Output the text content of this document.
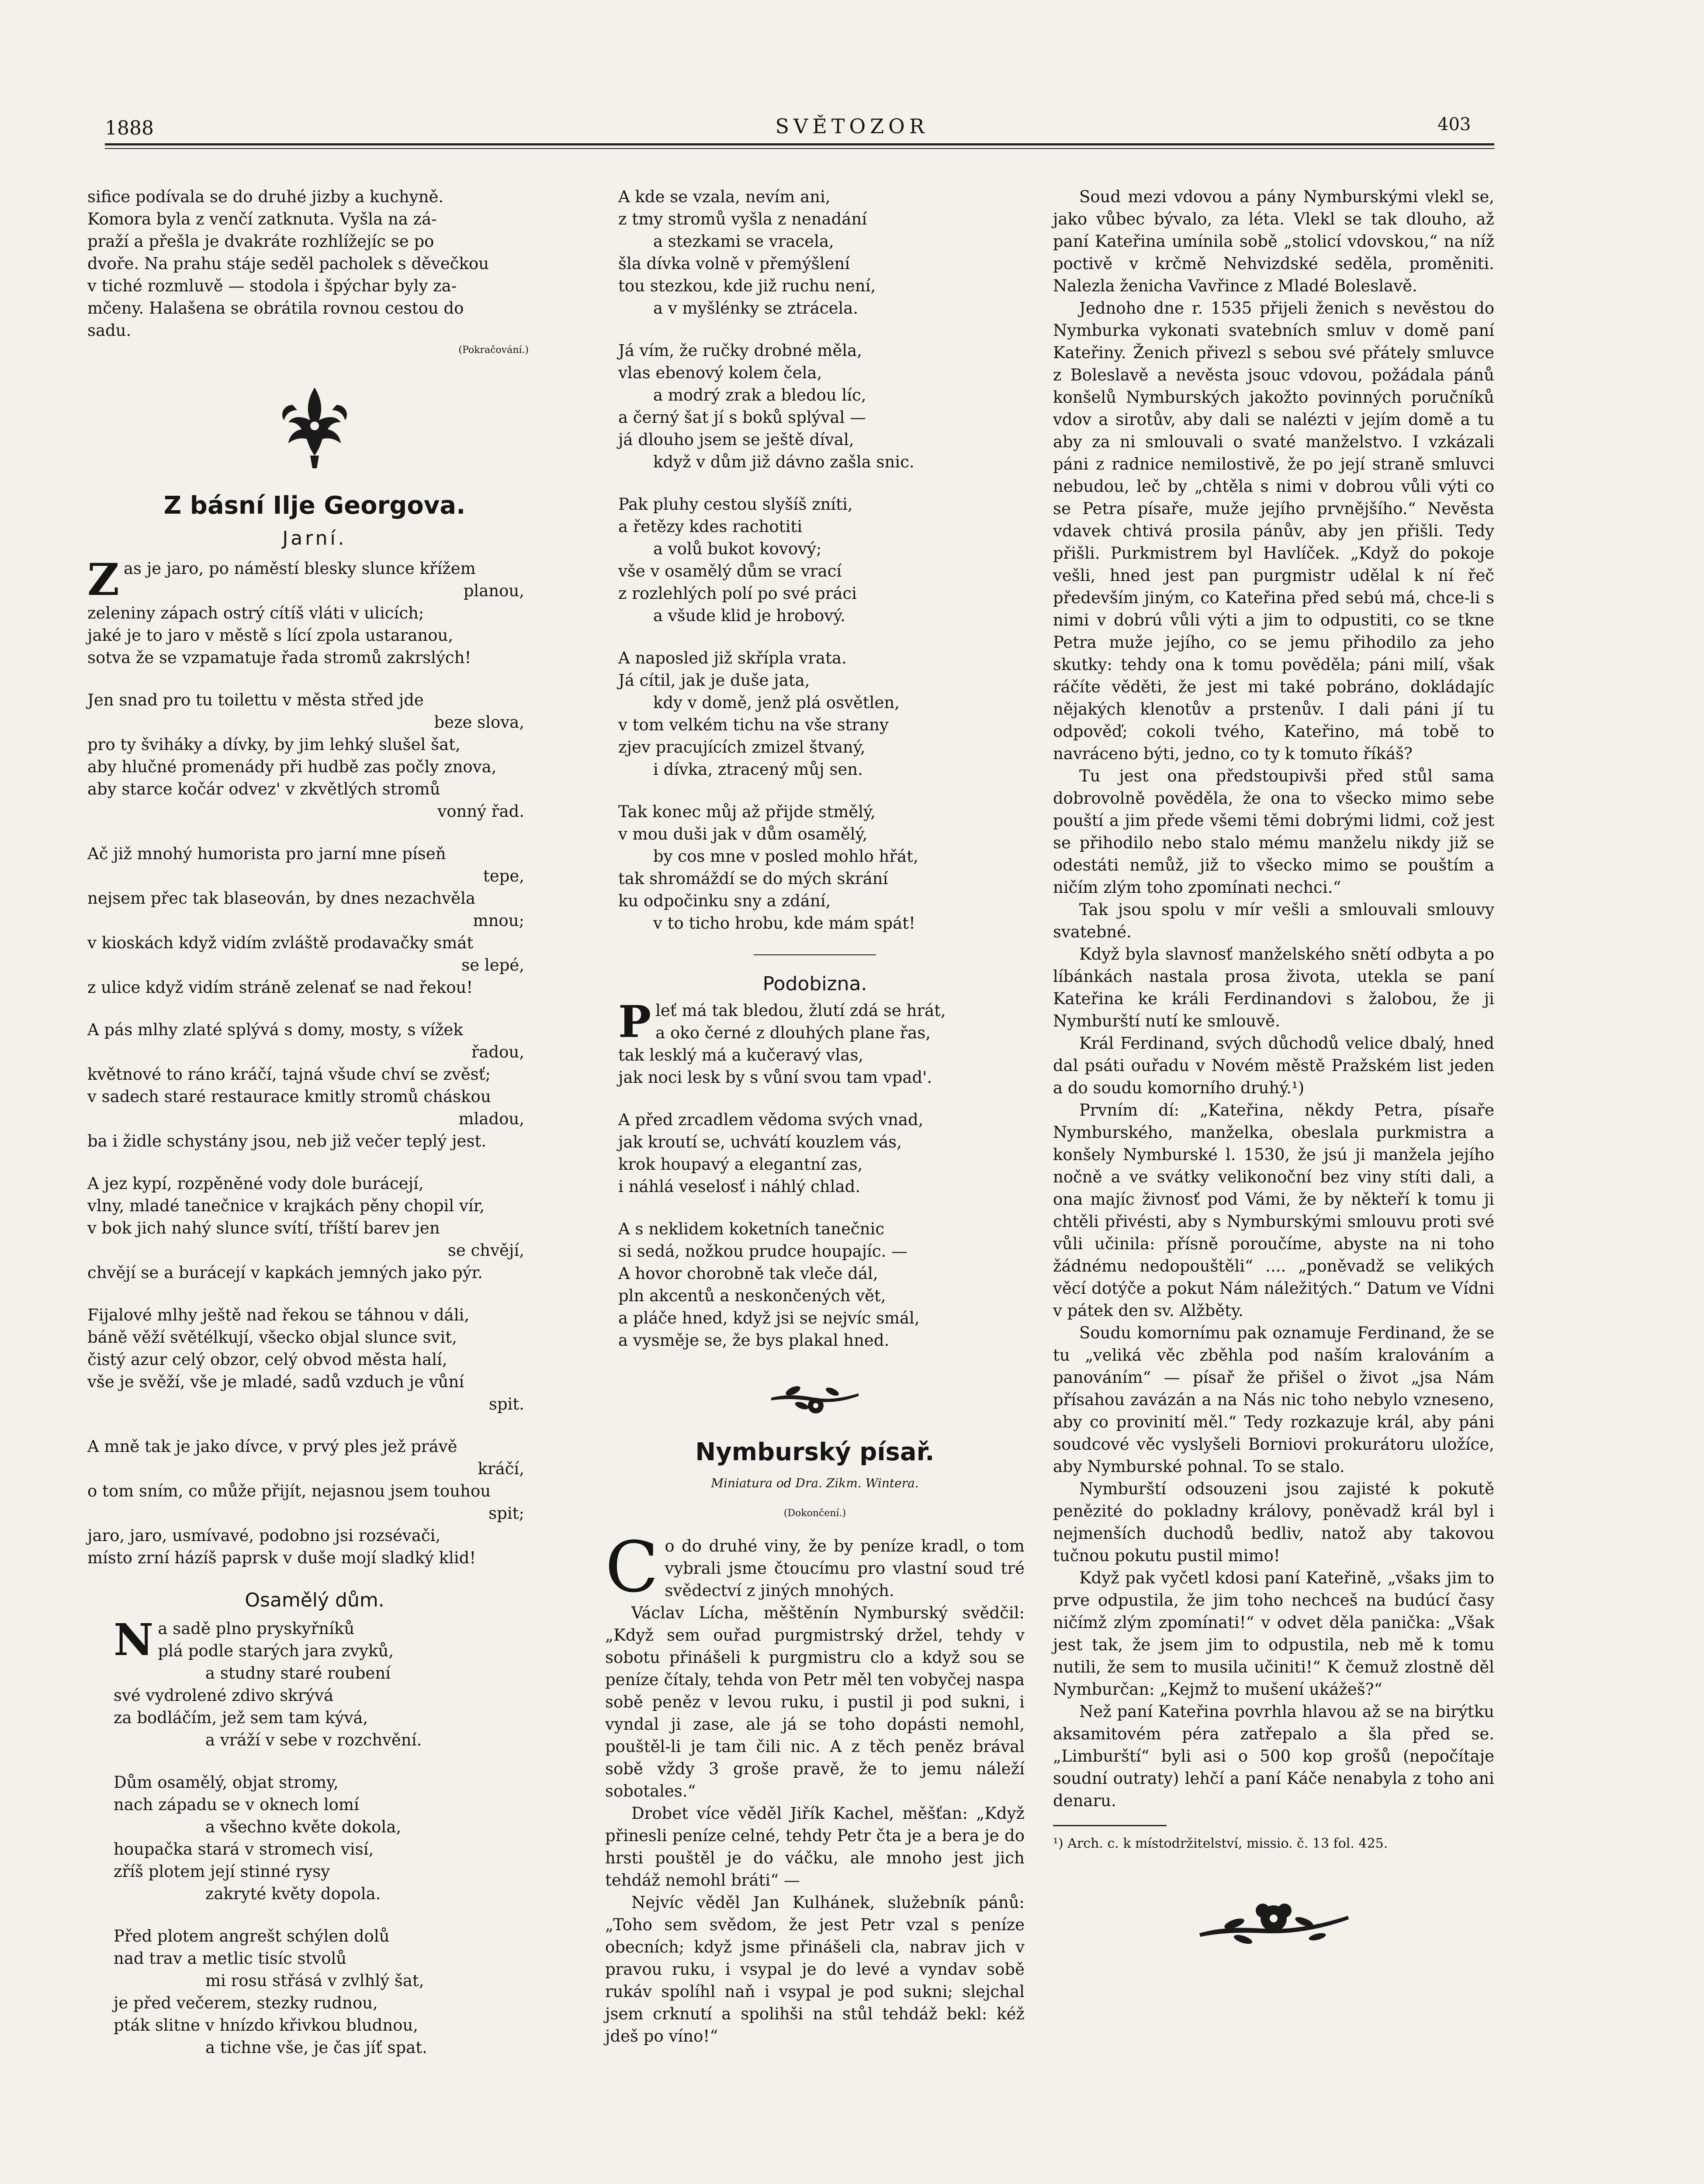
1888	SVĚTOZOR	403
sifice podívala se do druhé jizby a kuchyně.
Komora byla z venčí zatknuta. Vyšla na zá-
praží a přešla je dvakráte rozhlížejíc se po
dvoře. Na prahu stáje seděl pacholek s děvečkou
v tiché rozmluvě — stodola i špýchar byly za-
mčeny. Halašena se obrátila rovnou cestou do
sadu.
(Pokračování.)
Z básní Ilje Georgova.
Jarní.
Zas je jaro, po náměstí blesky slunce křížem
planou,
zeleniny zápach ostrý cítíš vláti v ulicích;
jaké je to jaro v městě s lící zpola ustaranou,
sotva že se vzpamatuje řada stromů zakrslých!
Jen snad pro tu toilettu v města střed jde
beze slova,
pro ty šviháky a dívky, by jim lehký slušel šat,
aby hlučné promenády při hudbě zas počly znova,
aby starce kočár odvez' v zkvětlých stromů
vonný řad.
Ač již mnohý humorista pro jarní mne píseň
tepe,
nejsem přec tak blaseován, by dnes nezachvěla
mnou;
v kioskách když vidím zvláště prodavačky smát
se lepé,
z ulice když vidím stráně zelenať se nad řekou!
A pás mlhy zlaté splývá s domy, mosty, s vížek
řadou,
květnové to ráno kráčí, tajná všude chví se zvěsť;
v sadech staré restaurace kmitly stromů cháskou
mladou,
ba i židle schystány jsou, neb již večer teplý jest.
A jez kypí, rozpěněné vody dole burácejí,
vlny, mladé tanečnice v krajkách pěny chopil vír,
v bok jich nahý slunce svítí, tříští barev jen
se chvějí,
chvějí se a burácejí v kapkách jemných jako pýr.
Fijalové mlhy ještě nad řekou se táhnou v dáli,
báně věží světélkují, všecko objal slunce svit,
čistý azur celý obzor, celý obvod města halí,
vše je svěží, vše je mladé, sadů vzduch je vůní
spit.
A mně tak je jako dívce, v prvý ples jež právě
kráčí,
o tom sním, co může přijít, nejasnou jsem touhou
spit;
jaro, jaro, usmívavé, podobno jsi rozsévači,
místo zrní házíš paprsk v duše mojí sladký klid!
Osamělý dům.
Na sadě plno pryskyřníků
plá podle starých jara zvyků,
a studny staré roubení
své vydrolené zdivo skrývá
za bodláčím, jež sem tam kývá,
a vráží v sebe v rozchvění.
Dům osamělý, objat stromy,
nach západu se v oknech lomí
a všechno květe dokola,
houpačka stará v stromech visí,
zříš plotem její stinné rysy
zakryté květy dopola.
Před plotem angrešt schýlen dolů
nad trav a metlic tisíc stvolů
mi rosu střásá v zvlhlý šat,
je před večerem, stezky rudnou,
pták slitne v hnízdo křivkou bludnou,
a tichne vše, je čas jíť spat.
A kde se vzala, nevím ani,
z tmy stromů vyšla z nenadání
a stezkami se vracela,
šla dívka volně v přemýšlení
tou stezkou, kde již ruchu není,
a v myšlénky se ztrácela.
Já vím, že ručky drobné měla,
vlas ebenový kolem čela,
a modrý zrak a bledou líc,
a černý šat jí s boků splýval —
já dlouho jsem se ještě díval,
když v dům již dávno zašla snic.
Pak pluhy cestou slyšíš zníti,
a řetězy kdes rachotiti
a volů bukot kovový;
vše v osamělý dům se vrací
z rozlehlých polí po své práci
a všude klid je hrobový.
A naposled již skřípla vrata.
Já cítil, jak je duše jata,
kdy v domě, jenž plá osvětlen,
v tom velkém tichu na vše strany
zjev pracujících zmizel štvaný,
i dívka, ztracený můj sen.
Tak konec můj až přijde stmělý,
v mou duši jak v dům osamělý,
by cos mne v posled mohlo hřát,
tak shromáždí se do mých skrání
ku odpočinku sny a zdání,
v to ticho hrobu, kde mám spát!
Podobizna.
Pleť má tak bledou, žlutí zdá se hrát,
a oko černé z dlouhých plane řas,
tak lesklý má a kučeravý vlas,
jak noci lesk by s vůní svou tam vpad'.
A před zrcadlem vědoma svých vnad,
jak kroutí se, uchvátí kouzlem vás,
krok houpavý a elegantní zas,
i náhlá veselosť i náhlý chlad.
A s neklidem koketních tanečnic
si sedá, nožkou prudce houpajíc. —
A hovor chorobně tak vleče dál,
pln akcentů a neskončených vět,
a pláče hned, když jsi se nejvíc smál,
a vysměje se, že bys plakal hned.
Nymburský písař.
Miniatura od Dra. Zikm. Wintera.
(Dokončení.)

Co do druhé viny, že by peníze kradl, o tom vybrali jsme čtoucímu pro vlastní soud tré svědectví z jiných mnohých.

Václav Lícha, měštěnín Nymburský svědčil: „Když sem ouřad purgmistrský držel, tehdy v sobotu přinášeli k purgmistru clo a když sou se peníze čítaly, tehda von Petr měl ten vobyčej naspa sobě peněz v levou ruku, i pustil ji pod sukni, i vyndal ji zase, ale já se toho dopásti nemohl, pouštěl-li je tam čili nic. A z těch peněz brával sobě vždy 3 groše pravě, že to jemu náleží sobotales.“

Drobet více věděl Jiřík Kachel, měšťan: „Když přinesli peníze celné, tehdy Petr čta je a bera je do hrsti pouštěl je do váčku, ale mnoho jest jich tehdáž nemohl bráti“ —

Nejvíc věděl Jan Kulhánek, služebník pánů: „Toho sem svědom, že jest Petr vzal s peníze obecních; když jsme přinášeli cla, nabrav jich v pravou ruku, i vsypal je do levé a vyndav sobě rukáv spolíhl naň i vsypal je pod sukni; slejchal jsem crknutí a spolihši na stůl tehdáž bekl: kéž jdeš po víno!“

Soud mezi vdovou a pány Nymburskými vlekl se, jako vůbec bývalo, za léta. Vlekl se tak dlouho, až paní Kateřina umínila sobě „stolicí vdovskou,“ na níž poctivě v krčmě Nehvizdské seděla, proměniti. Nalezla ženicha Vavřince z Mladé Boleslavě.

Jednoho dne r. 1535 přijeli ženich s nevěstou do Nymburka vykonati svatebních smluv v domě paní Kateřiny. Ženich přivezl s sebou své přátely smluvce z Boleslavě a nevěsta jsouc vdovou, požádala pánů konšelů Nymburských jakožto povinných poručníků vdov a sirotův, aby dali se nalézti v jejím domě a tu aby za ni smlouvali o svaté manželstvo. I vzkázali páni z radnice nemilostivě, že po její straně smluvci nebudou, leč by „chtěla s nimi v dobrou vůli výti co se Petra písaře, muže jejího prvnějšího.“ Nevěsta vdavek chtivá prosila pánův, aby jen přišli. Tedy přišli. Purkmistrem byl Havlíček. „Když do pokoje vešli, hned jest pan purgmistr udělal k ní řeč především jiným, co Kateřina před sebú má, chce-li s nimi v dobrú vůli výti a jim to odpustiti, co se tkne Petra muže jejího, co se jemu přihodilo za jeho skutky: tehdy ona k tomu pověděla; páni milí, však ráčíte věděti, že jest mi také pobráno, dokládajíc nějakých klenotův a prstenův. I dali páni jí tu odpověď; cokoli tvého, Kateřino, má tobě to navráceno býti, jedno, co ty k tomuto říkáš?

Tu jest ona předstoupivši před stůl sama dobrovolně pověděla, že ona to všecko mimo sebe pouští a jim přede všemi těmi dobrými lidmi, což jest se přihodilo nebo stalo mému manželu nikdy již se odestáti nemůž, již to všecko mimo se pouštím a ničím zlým toho zpomínati nechci.“

Tak jsou spolu v mír vešli a smlouvali smlouvy svatebné.

Když byla slavnosť manželského snětí odbyta a po líbánkách nastala prosa života, utekla se paní Kateřina ke králi Ferdinandovi s žalobou, že ji Nymburští nutí ke smlouvě.

Král Ferdinand, svých důchodů velice dbalý, hned dal psáti ouřadu v Novém městě Pražském list jeden a do soudu komorního druhý.¹)

Prvním dí: „Kateřina, někdy Petra, písaře Nymburského, manželka, obeslala purkmistra a konšely Nymburské l. 1530, že jsú ji manžela jejího nočně a ve svátky velikonoční bez viny stíti dali, a ona majíc živnosť pod Vámi, že by někteří k tomu ji chtěli přivésti, aby s Nymburskými smlouvu proti své vůli učinila: přísně poroučíme, abyste na ni toho žádnému nedopouštěli“ .... „poněvadž se velikých věcí dotýče a pokut Nám náležitých.“ Datum ve Vídni v pátek den sv. Alžběty.

Soudu komornímu pak oznamuje Ferdinand, že se tu „veliká věc zběhla pod naším kralováním a panováním“ — písař že přišel o život „jsa Nám přísahou zavázán a na Nás nic toho nebylo vzneseno, aby co provinití měl.“ Tedy rozkazuje král, aby páni soudcové věc vyslyšeli Borniovi prokurátoru uložíce, aby Nymburské pohnal. To se stalo.

Nymburští odsouzeni jsou zajisté k pokutě penězité do pokladny královy, poněvadž král byl i nejmenších duchodů bedliv, natož aby takovou tučnou pokutu pustil mimo!

Když pak vyčetl kdosi paní Kateřině, „všaks jim to prve odpustila, že jim toho nechceš na budúcí časy ničímž zlým zpomínati!“ v odvet děla panička: „Však jest tak, že jsem jim to odpustila, neb mě k tomu nutili, že sem to musila učiniti!“ K čemuž zlostně děl Nymburčan: „Kejmž to mušení ukážeš?“

Než paní Kateřina povrhla hlavou až se na birýtku aksamitovém péra zatřepalo a šla před se. „Limburští“ byli asi o 500 kop grošů (nepočítaje soudní outraty) lehčí a paní Káče nenabyla z toho ani denaru.

¹) Arch. c. k místodržitelství, missio. č. 13 fol. 425.
